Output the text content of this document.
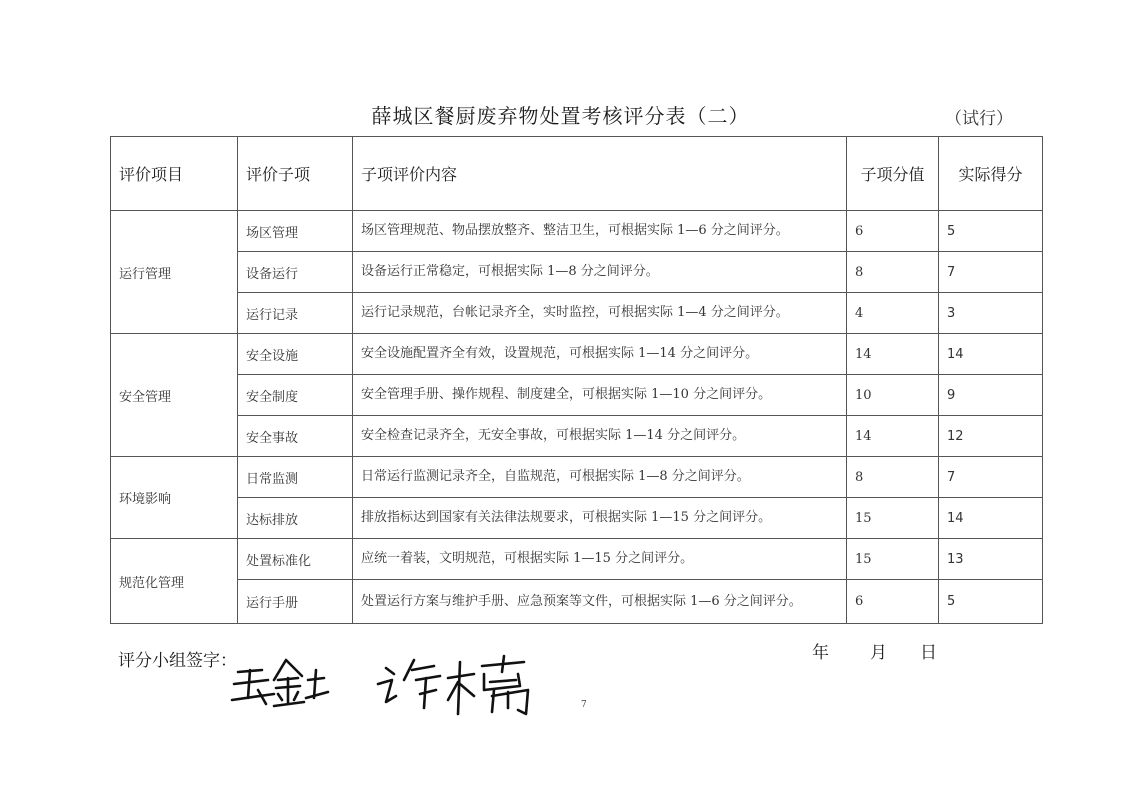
薛城区餐厨废弃物处置考核评分表（二）	（试行）
评价项目	评价子项	子项评价内容	子项分值	实际得分
运行管理	场区管理	场区管理规范、物品摆放整齐、整洁卫生，可根据实际 1—6 分之间评分。	6	5
	设备运行	设备运行正常稳定，可根据实际 1—8 分之间评分。	8	7
	运行记录	运行记录规范，台帐记录齐全，实时监控，可根据实际 1—4 分之间评分。	4	3
安全管理	安全设施	安全设施配置齐全有效，设置规范，可根据实际 1—14 分之间评分。	14	14
	安全制度	安全管理手册、操作规程、制度建全，可根据实际 1—10 分之间评分。	10	9
	安全事故	安全检查记录齐全，无安全事故，可根据实际 1—14 分之间评分。	14	12
环境影响	日常监测	日常运行监测记录齐全，自监规范，可根据实际 1—8 分之间评分。	8	7
	达标排放	排放指标达到国家有关法律法规要求，可根据实际 1—15 分之间评分。	15	14
规范化管理	处置标准化	应统一着装，文明规范，可根据实际 1—15 分之间评分。	15	13
	运行手册	处置运行方案与维护手册、应急预案等文件，可根据实际 1—6 分之间评分。	6	5
评分小组签字：	年 月 日
7
